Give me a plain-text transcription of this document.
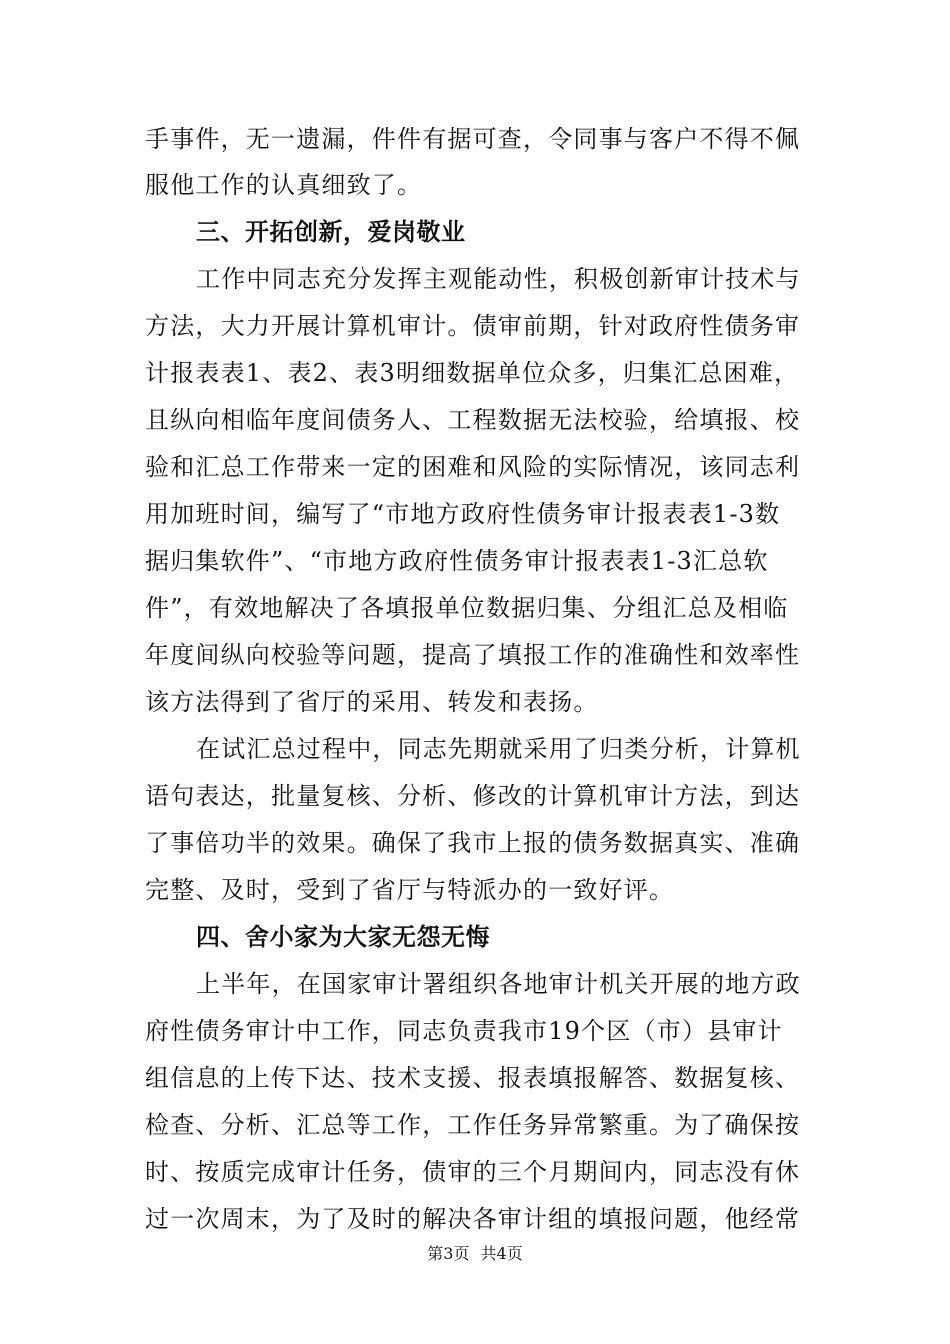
手事件，无一遗漏，件件有据可查，令同事与客户不得不佩
服他工作的认真细致了。
三、开拓创新，爱岗敬业
工作中同志充分发挥主观能动性，积极创新审计技术与
方法，大力开展计算机审计。债审前期，针对政府性债务审
计报表表1、表2、表3明细数据单位众多，归集汇总困难，
且纵向相临年度间债务人、工程数据无法校验，给填报、校
验和汇总工作带来一定的困难和风险的实际情况，该同志利
用加班时间，编写了“市地方政府性债务审计报表表1-3数
据归集软件”、“市地方政府性债务审计报表表1-3汇总软
件”，有效地解决了各填报单位数据归集、分组汇总及相临
年度间纵向校验等问题，提高了填报工作的准确性和效率性
该方法得到了省厅的采用、转发和表扬。
在试汇总过程中，同志先期就采用了归类分析，计算机
语句表达，批量复核、分析、修改的计算机审计方法，到达
了事倍功半的效果。确保了我市上报的债务数据真实、准确
完整、及时，受到了省厅与特派办的一致好评。
四、舍小家为大家无怨无悔
上半年，在国家审计署组织各地审计机关开展的地方政
府性债务审计中工作，同志负责我市19个区（市）县审计
组信息的上传下达、技术支援、报表填报解答、数据复核、
检查、分析、汇总等工作，工作任务异常繁重。为了确保按
时、按质完成审计任务，债审的三个月期间内，同志没有休
过一次周末，为了及时的解决各审计组的填报问题，他经常
第3页 共4页
